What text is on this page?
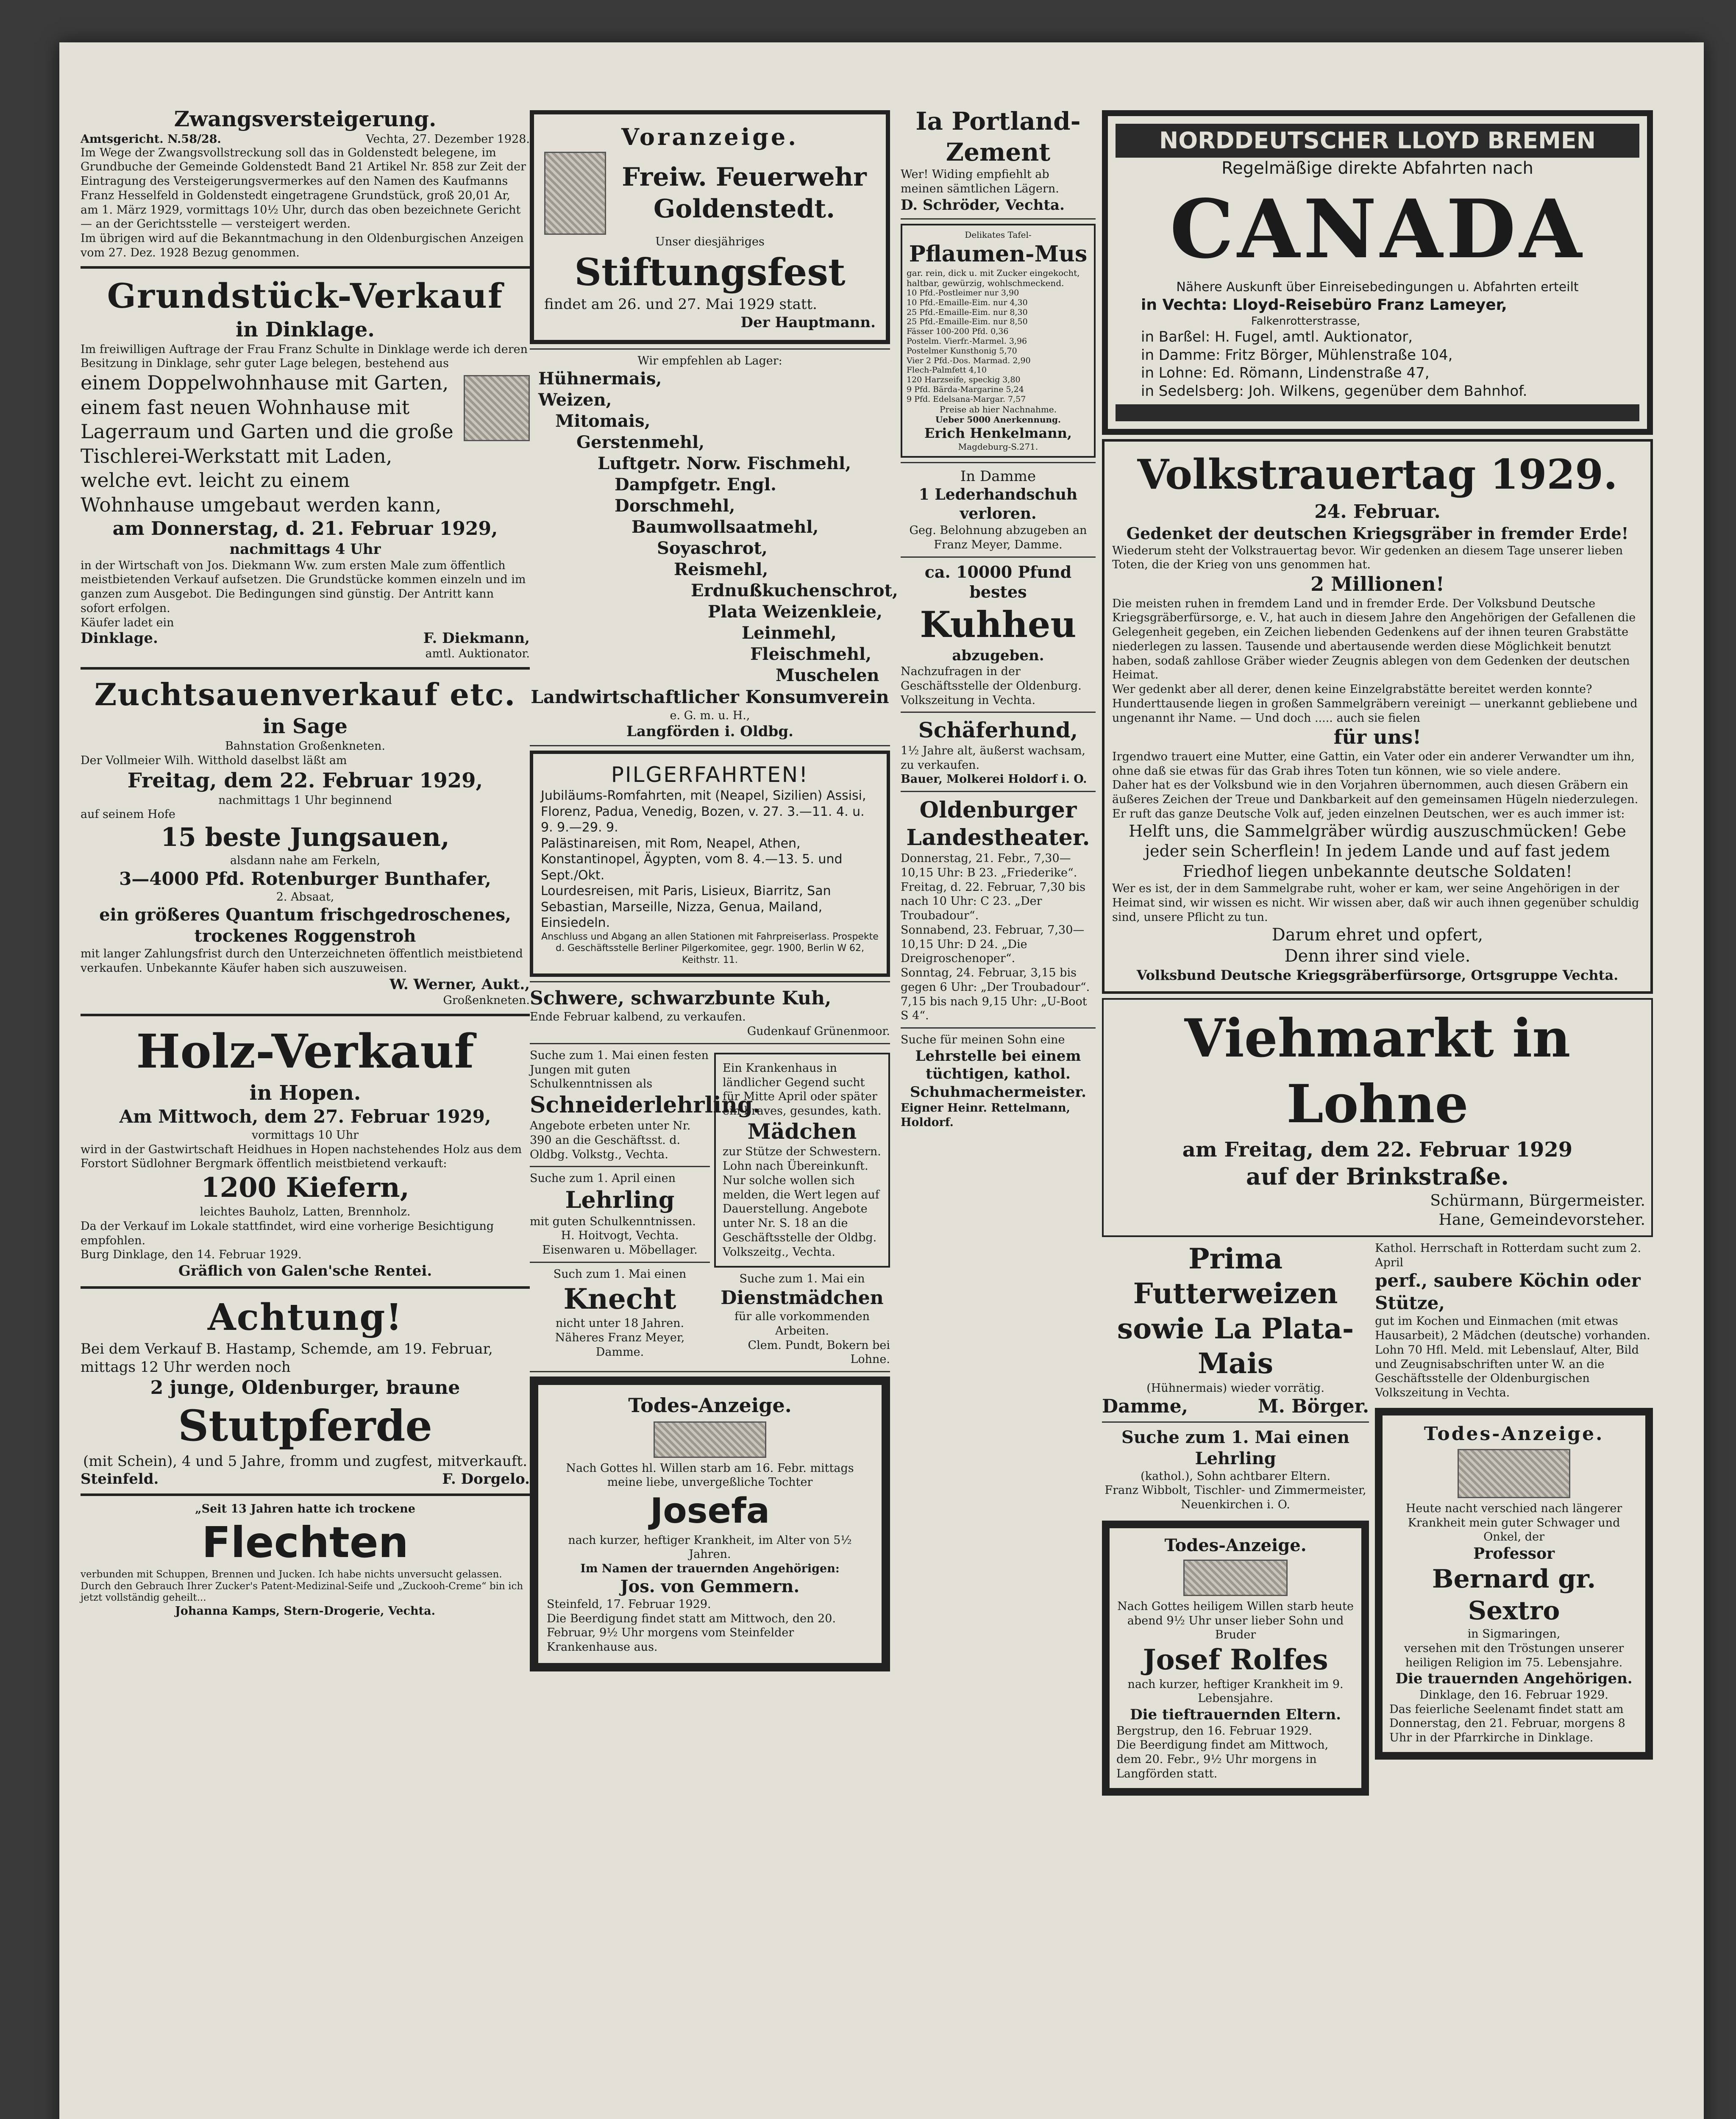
Zwangsversteigerung.

Amtsgericht. N.58/28.	Vechta, 27. Dezember 1928.

Im Wege der Zwangsvollstreckung soll das in Goldenstedt belegene, im Grundbuche der Gemeinde Goldenstedt Band 21 Artikel Nr. 858 zur Zeit der Eintragung des Versteigerungsvermerkes auf den Namen des Kaufmanns Franz Hesselfeld in Goldenstedt eingetragene Grundstück, groß 20,01 Ar, am 1. März 1929, vormittags 10½ Uhr, durch das oben bezeichnete Gericht — an der Gerichtsstelle — versteigert werden.

Im übrigen wird auf die Bekanntmachung in den Oldenburgischen Anzeigen vom 27. Dez. 1928 Bezug genommen.

Grundstück-Verkauf

in Dinklage.

Im freiwilligen Auftrage der Frau Franz Schulte in Dinklage werde ich deren Besitzung in Dinklage, sehr guter Lage belegen, bestehend aus

einem Doppelwohnhause mit Garten, einem fast neuen Wohnhause mit Lagerraum und Garten und die große Tischlerei-Werkstatt mit Laden, welche evt. leicht zu einem Wohnhause umgebaut werden kann,

am Donnerstag, d. 21. Februar 1929,

nachmittags 4 Uhr

in der Wirtschaft von Jos. Diekmann Ww. zum ersten Male zum öffentlich meistbietenden Verkauf aufsetzen. Die Grundstücke kommen einzeln und im ganzen zum Ausgebot. Die Bedingungen sind günstig. Der Antritt kann sofort erfolgen.

Käufer ladet ein

Dinklage.	F. Diekmann,

amtl. Auktionator.

Zuchtsauenverkauf etc.

in Sage

Bahnstation Großenkneten.

Der Vollmeier Wilh. Witthold daselbst läßt am

Freitag, dem 22. Februar 1929,

nachmittags 1 Uhr beginnend

auf seinem Hofe

15 beste Jungsauen,

alsdann nahe am Ferkeln,

3—4000 Pfd. Rotenburger Bunthafer,

2. Absaat,

ein größeres Quantum frischgedroschenes, trockenes Roggenstroh

mit langer Zahlungsfrist durch den Unterzeichneten öffentlich meistbietend verkaufen. Unbekannte Käufer haben sich auszuweisen.

W. Werner, Aukt.,

Großenkneten.

Holz-Verkauf

in Hopen.

Am Mittwoch, dem 27. Februar 1929,

vormittags 10 Uhr

wird in der Gastwirtschaft Heidhues in Hopen nachstehendes Holz aus dem Forstort Südlohner Bergmark öffentlich meistbietend verkauft:

1200 Kiefern,

leichtes Bauholz, Latten, Brennholz.

Da der Verkauf im Lokale stattfindet, wird eine vorherige Besichtigung empfohlen.

Burg Dinklage, den 14. Februar 1929.

Gräflich von Galen'sche Rentei.

Achtung!

Bei dem Verkauf B. Hastamp, Schemde, am 19. Februar, mittags 12 Uhr werden noch

2 junge, Oldenburger, braune

Stutpferde

(mit Schein), 4 und 5 Jahre, fromm und zugfest, mitverkauft.

Steinfeld.	F. Dorgelo.

„Seit 13 Jahren hatte ich trockene

Flechten

verbunden mit Schuppen, Brennen und Jucken. Ich habe nichts unversucht gelassen. Durch den Gebrauch Ihrer Zucker's Patent-Medizinal-Seife und „Zuckooh-Creme“ bin ich jetzt vollständig geheilt...

Johanna Kamps, Stern-Drogerie, Vechta.

Voranzeige.

Freiw. Feuerwehr Goldenstedt.

Unser diesjähriges

Stiftungsfest

findet am 26. und 27. Mai 1929 statt.

Der Hauptmann.

Wir empfehlen ab Lager:

Hühnermais,

Weizen,

Mitomais,

Gerstenmehl,

Luftgetr. Norw. Fischmehl,

Dampfgetr. Engl. Dorschmehl,

Baumwollsaatmehl,

Soyaschrot,

Reismehl,

Erdnußkuchenschrot,

Plata Weizenkleie,

Leinmehl,

Fleischmehl,

Muschelen

Landwirtschaftlicher Konsumverein

e. G. m. u. H.,

Langförden i. Oldbg.

PILGERFAHRTEN!

Jubiläums-Romfahrten, mit (Neapel, Sizilien) Assisi, Florenz, Padua, Venedig, Bozen, v. 27. 3.—11. 4. u. 9. 9.—29. 9.

Palästinareisen, mit Rom, Neapel, Athen, Konstantinopel, Ägypten, vom 8. 4.—13. 5. und Sept./Okt.

Lourdesreisen, mit Paris, Lisieux, Biarritz, San Sebastian, Marseille, Nizza, Genua, Mailand, Einsiedeln.

Anschluss und Abgang an allen Stationen mit Fahrpreiserlass. Prospekte d. Geschäftsstelle Berliner Pilgerkomitee, gegr. 1900, Berlin W 62, Keithstr. 11.

Schwere, schwarzbunte Kuh,

Ende Februar kalbend, zu verkaufen.

Gudenkauf Grünenmoor.

Suche zum 1. Mai einen festen Jungen mit guten Schulkenntnissen als

Schneiderlehrling.

Angebote erbeten unter Nr. 390 an die Geschäftsst. d. Oldbg. Volkstg., Vechta.

Suche zum 1. April einen

Lehrling

mit guten Schulkenntnissen.

H. Hoitvogt, Vechta. Eisenwaren u. Möbellager.

Such zum 1. Mai einen

Knecht

nicht unter 18 Jahren. Näheres Franz Meyer, Damme.

Ein Krankenhaus in ländlicher Gegend sucht für Mitte April oder später ein braves, gesundes, kath.

Mädchen

zur Stütze der Schwestern. Lohn nach Übereinkunft. Nur solche wollen sich melden, die Wert legen auf Dauerstellung. Angebote unter Nr. S. 18 an die Geschäftsstelle der Oldbg. Volkszeitg., Vechta.

Suche zum 1. Mai ein

Dienstmädchen

für alle vorkommenden Arbeiten.

Clem. Pundt, Bokern bei Lohne.

Todes-Anzeige.

Nach Gottes hl. Willen starb am 16. Febr. mittags meine liebe, unvergeßliche Tochter

Josefa

nach kurzer, heftiger Krankheit, im Alter von 5½ Jahren.

Im Namen der trauernden Angehörigen:

Jos. von Gemmern.

Steinfeld, 17. Februar 1929.

Die Beerdigung findet statt am Mittwoch, den 20. Februar, 9½ Uhr morgens vom Steinfelder Krankenhause aus.

Ia Portland-Zement

Wer! Widing empfiehlt ab meinen sämtlichen Lägern.

D. Schröder, Vechta.

Delikates Tafel-

Pflaumen-Mus

gar. rein, dick u. mit Zucker eingekocht, haltbar, gewürzig, wohlschmeckend.

10 Pfd.-Postleimer nur 3,90

10 Pfd.-Emaille-Eim. nur 4,30

25 Pfd.-Emaille-Eim. nur 8,30

25 Pfd.-Emaille-Eim. nur 8,50

Fässer 100-200 Pfd. 0,36

Postelm. Vierfr.-Marmel. 3,96

Postelmer Kunsthonig 5,70

Vier 2 Pfd.-Dos. Marmad. 2,90

Flech-Palmfett 4,10

120 Harzseife, speckig 3,80

9 Pfd. Bärda-Margarine 5,24

9 Pfd. Edelsana-Margar. 7,57

Preise ab hier Nachnahme.

Ueber 5000 Anerkennung.

Erich Henkelmann,

Magdeburg-S.271.

In Damme

1 Lederhandschuh verloren.

Geg. Belohnung abzugeben an Franz Meyer, Damme.

ca. 10000 Pfund bestes

Kuhheu

abzugeben.

Nachzufragen in der Geschäftsstelle der Oldenburg. Volkszeitung in Vechta.

Schäferhund,

1½ Jahre alt, äußerst wachsam, zu verkaufen.

Bauer, Molkerei Holdorf i. O.

Oldenburger Landestheater.

Donnerstag, 21. Febr., 7,30—10,15 Uhr: B 23. „Friederike“.

Freitag, d. 22. Februar, 7,30 bis nach 10 Uhr: C 23. „Der Troubadour“.

Sonnabend, 23. Februar, 7,30—10,15 Uhr: D 24. „Die Dreigroschenoper“.

Sonntag, 24. Februar, 3,15 bis gegen 6 Uhr: „Der Troubadour“. 7,15 bis nach 9,15 Uhr: „U-Boot S 4“.

Suche für meinen Sohn eine

Lehrstelle bei einem tüchtigen, kathol. Schuhmachermeister.

Eigner Heinr. Rettelmann, Holdorf.

NORDDEUTSCHER LLOYD BREMEN

Regelmäßige direkte Abfahrten nach

CANADA

Nähere Auskunft über Einreisebedingungen u. Abfahrten erteilt

in Vechta: Lloyd-Reisebüro Franz Lameyer,

Falkenrotterstrasse,

in Barßel: H. Fugel, amtl. Auktionator,

in Damme: Fritz Börger, Mühlenstraße 104,

in Lohne: Ed. Römann, Lindenstraße 47,

in Sedelsberg: Joh. Wilkens, gegenüber dem Bahnhof.

Volkstrauertag 1929.

24. Februar.

Gedenket der deutschen Kriegsgräber in fremder Erde!

Wiederum steht der Volkstrauertag bevor. Wir gedenken an diesem Tage unserer lieben Toten, die der Krieg von uns genommen hat.

2 Millionen!

Die meisten ruhen in fremdem Land und in fremder Erde. Der Volksbund Deutsche Kriegsgräberfürsorge, e. V., hat auch in diesem Jahre den Angehörigen der Gefallenen die Gelegenheit gegeben, ein Zeichen liebenden Gedenkens auf der ihnen teuren Grabstätte niederlegen zu lassen. Tausende und abertausende werden diese Möglichkeit benutzt haben, sodaß zahllose Gräber wieder Zeugnis ablegen von dem Gedenken der deutschen Heimat.

Wer gedenkt aber all derer, denen keine Einzelgrabstätte bereitet werden konnte? Hunderttausende liegen in großen Sammelgräbern vereinigt — unerkannt gebliebene und ungenannt ihr Name. — Und doch ..... auch sie fielen

für uns!

Irgendwo trauert eine Mutter, eine Gattin, ein Vater oder ein anderer Verwandter um ihn, ohne daß sie etwas für das Grab ihres Toten tun können, wie so viele andere.

Daher hat es der Volksbund wie in den Vorjahren übernommen, auch diesen Gräbern ein äußeres Zeichen der Treue und Dankbarkeit auf den gemeinsamen Hügeln niederzulegen.

Er ruft das ganze Deutsche Volk auf, jeden einzelnen Deutschen, wer es auch immer ist:

Helft uns, die Sammelgräber würdig auszuschmücken! Gebe jeder sein Scherflein! In jedem Lande und auf fast jedem Friedhof liegen unbekannte deutsche Soldaten!

Wer es ist, der in dem Sammelgrabe ruht, woher er kam, wer seine Angehörigen in der Heimat sind, wir wissen es nicht. Wir wissen aber, daß wir auch ihnen gegenüber schuldig sind, unsere Pflicht zu tun.

Darum ehret und opfert,

Denn ihrer sind viele.

Volksbund Deutsche Kriegsgräberfürsorge, Ortsgruppe Vechta.

Viehmarkt in Lohne

am Freitag, dem 22. Februar 1929

auf der Brinkstraße.

Schürmann, Bürgermeister.

Hane, Gemeindevorsteher.

Prima Futterweizen

sowie La Plata-Mais

(Hühnermais) wieder vorrätig.

Damme,	M. Börger.

Suche zum 1. Mai einen Lehrling

(kathol.), Sohn achtbarer Eltern.

Franz Wibbolt, Tischler- und Zimmermeister, Neuenkirchen i. O.

Todes-Anzeige.

Nach Gottes heiligem Willen starb heute abend 9½ Uhr unser lieber Sohn und Bruder

Josef Rolfes

nach kurzer, heftiger Krankheit im 9. Lebensjahre.

Die tieftrauernden Eltern.

Bergstrup, den 16. Februar 1929.

Die Beerdigung findet am Mittwoch, dem 20. Febr., 9½ Uhr morgens in Langförden statt.

Kathol. Herrschaft in Rotterdam sucht zum 2. April

perf., saubere Köchin oder Stütze,

gut im Kochen und Einmachen (mit etwas Hausarbeit), 2 Mädchen (deutsche) vorhanden. Lohn 70 Hfl. Meld. mit Lebenslauf, Alter, Bild und Zeugnisabschriften unter W. an die Geschäftsstelle der Oldenburgischen Volkszeitung in Vechta.

Todes-Anzeige.

Heute nacht verschied nach längerer Krankheit mein guter Schwager und Onkel, der

Professor

Bernard gr. Sextro

in Sigmaringen,

versehen mit den Tröstungen unserer heiligen Religion im 75. Lebensjahre.

Die trauernden Angehörigen.

Dinklage, den 16. Februar 1929.

Das feierliche Seelenamt findet statt am Donnerstag, den 21. Februar, morgens 8 Uhr in der Pfarrkirche in Dinklage.
